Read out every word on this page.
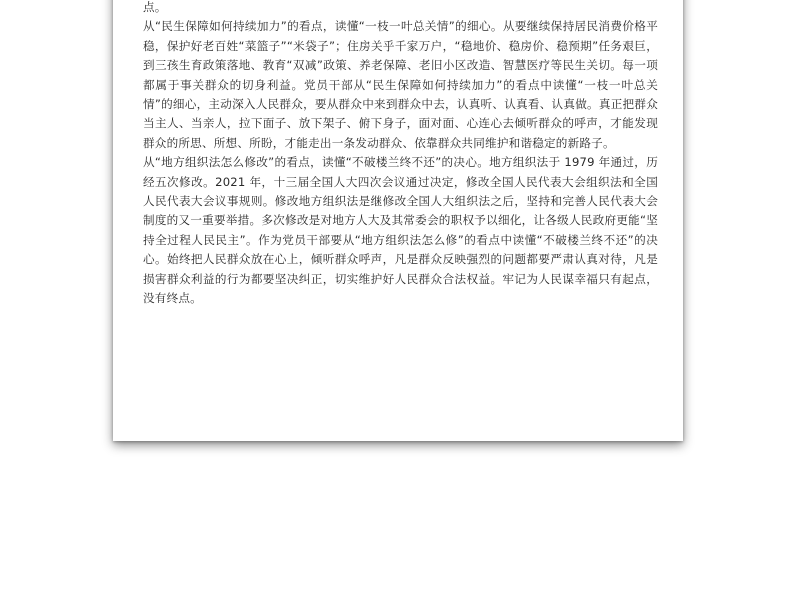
点。

从“民生保障如何持续加力”的看点，读懂“一枝一叶总关情”的细心。从要继续保持居民消费价格平稳，保护好老百姓“菜篮子”“米袋子”；住房关乎千家万户，“稳地价、稳房价、稳预期”任务艰巨，到三孩生育政策落地、教育“双减”政策、养老保障、老旧小区改造、智慧医疗等民生关切。每一项都属于事关群众的切身利益。党员干部从“民生保障如何持续加力”的看点中读懂“一枝一叶总关情”的细心，主动深入人民群众，要从群众中来到群众中去，认真听、认真看、认真做。真正把群众当主人、当亲人，拉下面子、放下架子、俯下身子，面对面、心连心去倾听群众的呼声，才能发现群众的所思、所想、所盼，才能走出一条发动群众、依靠群众共同维护和谐稳定的新路子。

从“地方组织法怎么修改”的看点，读懂“不破楼兰终不还”的决心。地方组织法于 1979 年通过，历经五次修改。2021 年，十三届全国人大四次会议通过决定，修改全国人民代表大会组织法和全国人民代表大会议事规则。修改地方组织法是继修改全国人大组织法之后，坚持和完善人民代表大会制度的又一重要举措。多次修改是对地方人大及其常委会的职权予以细化，让各级人民政府更能“坚持全过程人民民主”。作为党员干部要从“地方组织法怎么修”的看点中读懂“不破楼兰终不还”的决心。始终把人民群众放在心上，倾听群众呼声，凡是群众反映强烈的问题都要严肃认真对待，凡是损害群众利益的行为都要坚决纠正，切实维护好人民群众合法权益。牢记为人民谋幸福只有起点，没有终点。
